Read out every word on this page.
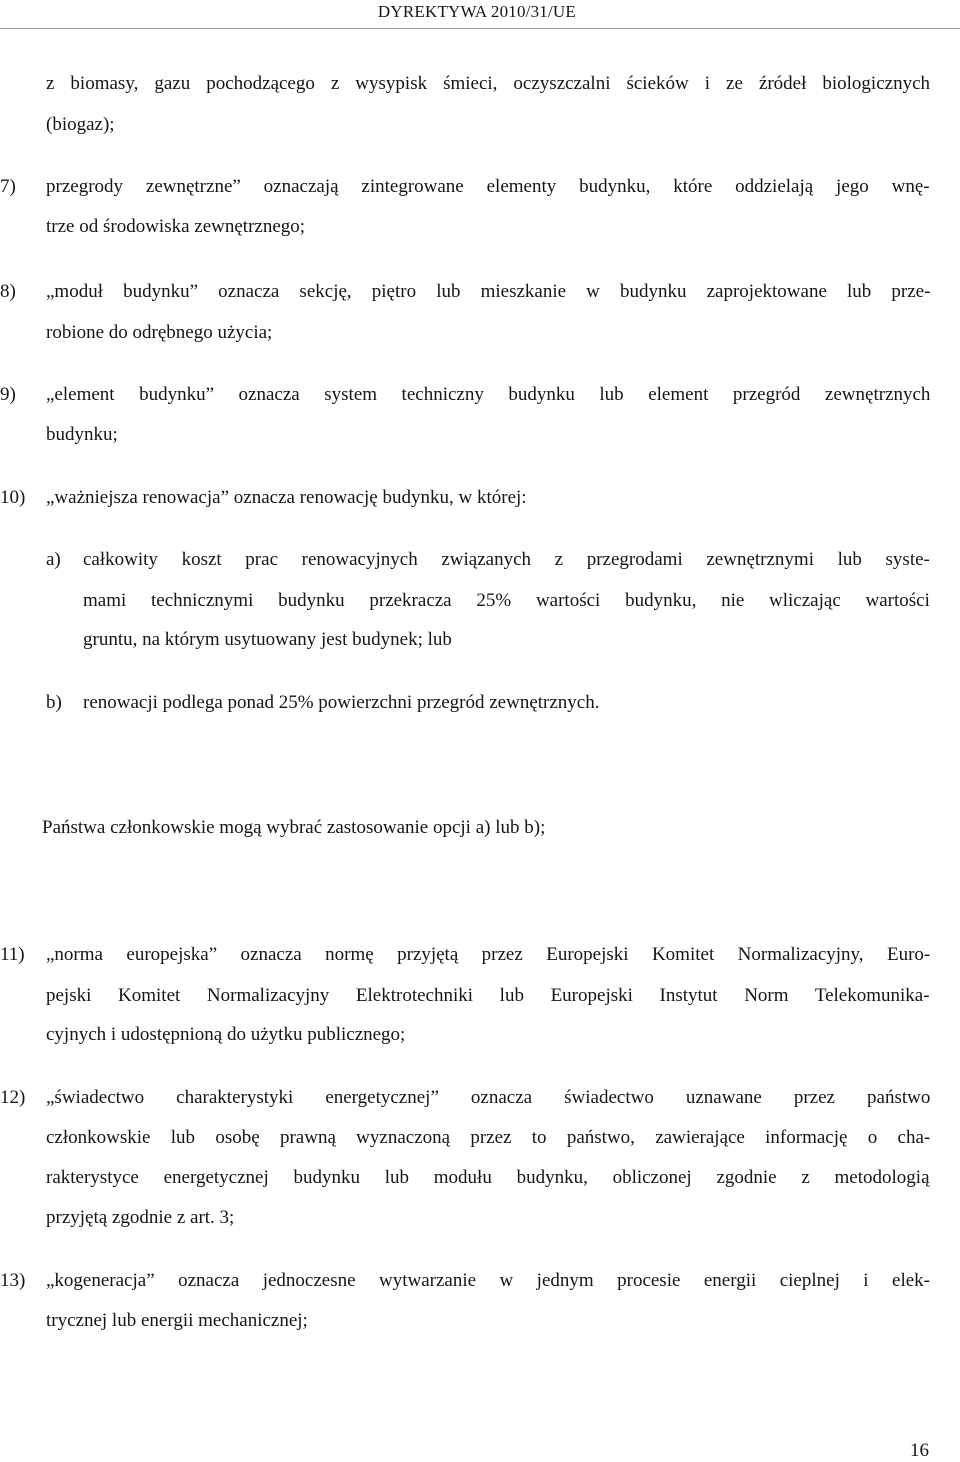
DYREKTYWA 2010/31/UE
z biomasy, gazu pochodzącego z wysypisk śmieci, oczyszczalni ścieków i ze źródeł biologicznych
(biogaz);
7) przegrody zewnętrzne” oznaczają zintegrowane elementy budynku, które oddzielają jego wnę-
trze od środowiska zewnętrznego;
8) „moduł budynku” oznacza sekcję, piętro lub mieszkanie w budynku zaprojektowane lub prze-
robione do odrębnego użycia;
9) „element budynku” oznacza system techniczny budynku lub element przegród zewnętrznych
budynku;
10) „ważniejsza renowacja” oznacza renowację budynku, w której:
a) całkowity koszt prac renowacyjnych związanych z przegrodami zewnętrznymi lub syste-
mami technicznymi budynku przekracza 25% wartości budynku, nie wliczając wartości
gruntu, na którym usytuowany jest budynek; lub
b) renowacji podlega ponad 25% powierzchni przegród zewnętrznych.
Państwa członkowskie mogą wybrać zastosowanie opcji a) lub b);
11) „norma europejska” oznacza normę przyjętą przez Europejski Komitet Normalizacyjny, Euro-
pejski Komitet Normalizacyjny Elektrotechniki lub Europejski Instytut Norm Telekomunika-
cyjnych i udostępnioną do użytku publicznego;
12) „świadectwo charakterystyki energetycznej” oznacza świadectwo uznawane przez państwo
członkowskie lub osobę prawną wyznaczoną przez to państwo, zawierające informację o cha-
rakterystyce energetycznej budynku lub modułu budynku, obliczonej zgodnie z metodologią
przyjętą zgodnie z art. 3;
13) „kogeneracja” oznacza jednoczesne wytwarzanie w jednym procesie energii cieplnej i elek-
trycznej lub energii mechanicznej;
16
